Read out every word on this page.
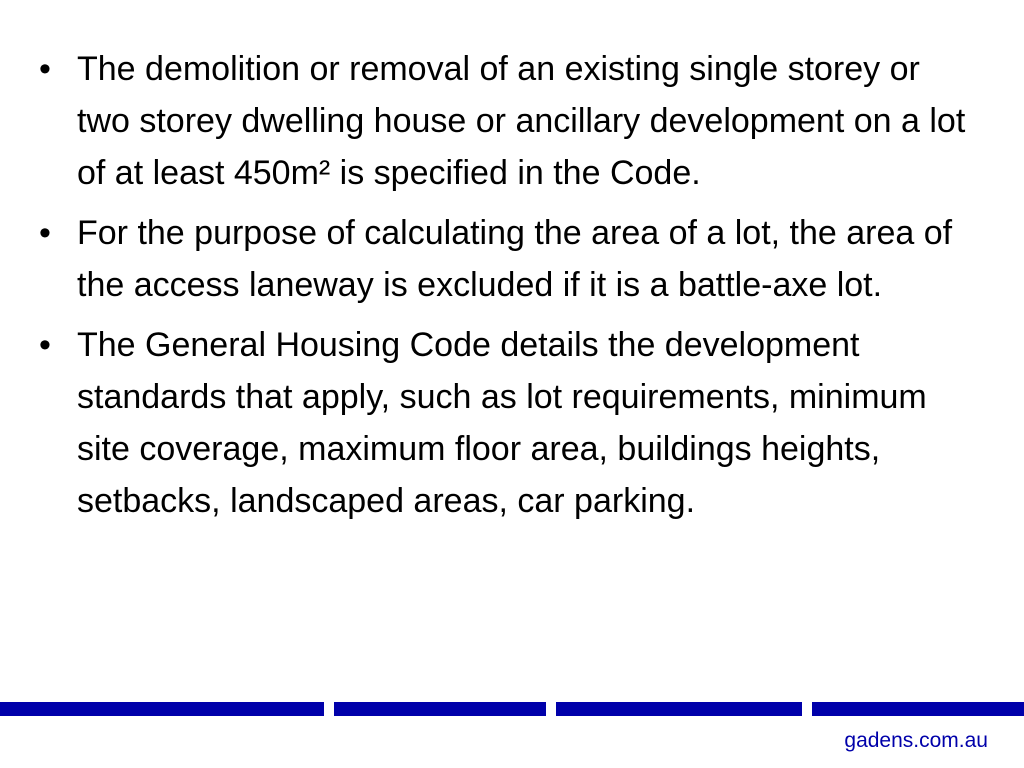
• The demolition or removal of an existing single storey or two storey dwelling house or ancillary development on a lot of at least 450m² is specified in the Code.
• For the purpose of calculating the area of a lot, the area of the access laneway is excluded if it is a battle-axe lot.
• The General Housing Code details the development standards that apply, such as lot requirements, minimum site coverage, maximum floor area, buildings heights, setbacks, landscaped areas, car parking.
gadens.com.au
